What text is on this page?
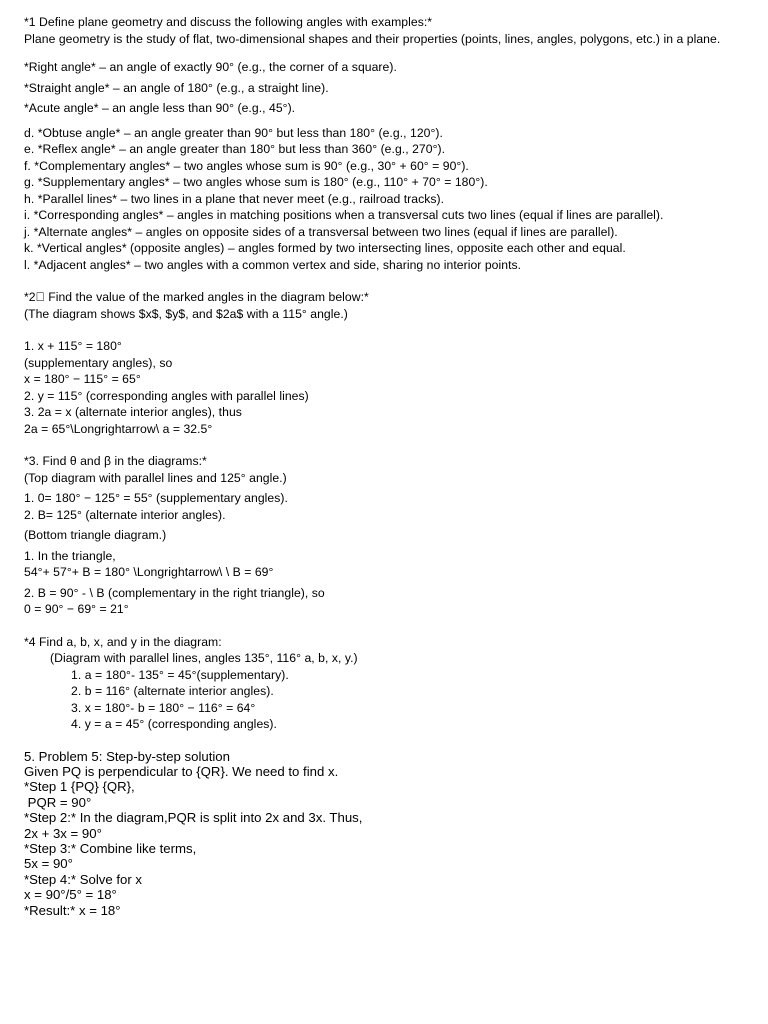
*1 Define plane geometry and discuss the following angles with examples:*
Plane geometry is the study of flat, two-dimensional shapes and their properties (points, lines, angles, polygons, etc.) in a plane.
*Right angle* – an angle of exactly 90° (e.g., the corner of a square).
*Straight angle* – an angle of 180° (e.g., a straight line).
*Acute angle* – an angle less than 90° (e.g., 45°).
d. *Obtuse angle* – an angle greater than 90° but less than 180° (e.g., 120°).
e. *Reflex angle* – an angle greater than 180° but less than 360° (e.g., 270°).
f. *Complementary angles* – two angles whose sum is 90° (e.g., 30° + 60° = 90°).
g. *Supplementary angles* – two angles whose sum is 180° (e.g., 110° + 70° = 180°).
h. *Parallel lines* – two lines in a plane that never meet (e.g., railroad tracks).
i. *Corresponding angles* – angles in matching positions when a transversal cuts two lines (equal if lines are parallel).
j. *Alternate angles* – angles on opposite sides of a transversal between two lines (equal if lines are parallel).
k. *Vertical angles* (opposite angles) – angles formed by two intersecting lines, opposite each other and equal.
l. *Adjacent angles* – two angles with a common vertex and side, sharing no interior points.
*2⃣ Find the value of the marked angles in the diagram below:*
(The diagram shows $x$, $y$, and $2a$ with a 115° angle.)
1. x + 115° = 180°
(supplementary angles), so
x = 180° − 115° = 65°
2. y = 115° (corresponding angles with parallel lines)
3. 2a = x (alternate interior angles), thus
2a = 65°\Longrightarrow\ a = 32.5°
*3. Find θ and β in the diagrams:*
(Top diagram with parallel lines and 125° angle.)
1. 0= 180° − 125° = 55° (supplementary angles).
2. B= 125° (alternate interior angles).
(Bottom triangle diagram.)
1. In the triangle,
54°+ 57°+ B = 180° \Longrightarrow\ \ B = 69°
2. B = 90° - \ B (complementary in the right triangle), so
0 = 90° − 69° = 21°
*4 Find a, b, x, and y in the diagram:
(Diagram with parallel lines, angles 135°, 116° a, b, x, y.)
1. a = 180°- 135° = 45°(supplementary).
2. b = 116° (alternate interior angles).
3. x = 180°- b = 180° − 116° = 64°
4. y = a = 45° (corresponding angles).
5. Problem 5: Step-by-step solution
Given PQ is perpendicular to {QR}. We need to find x.
*Step 1 {PQ} {QR},
PQR = 90°
*Step 2:* In the diagram,PQR is split into 2x and 3x. Thus,
2x + 3x = 90°
*Step 3:* Combine like terms,
5x = 90°
*Step 4:* Solve for x
x = 90°/5° = 18°
*Result:* x = 18°
